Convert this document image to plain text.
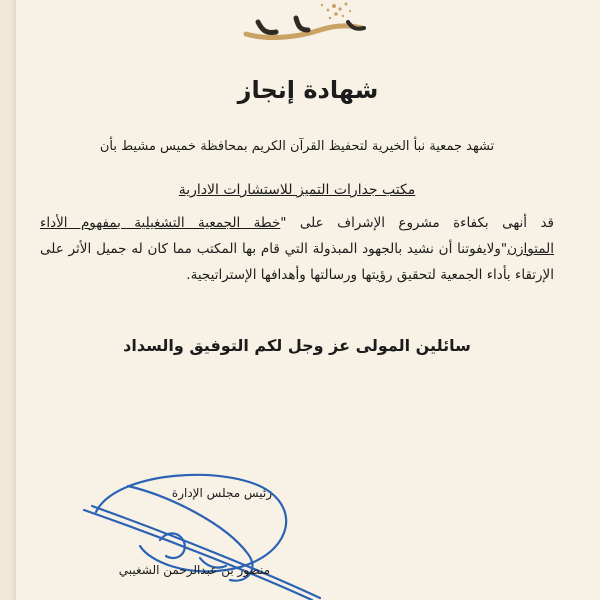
شهادة إنجاز

تشهد جمعية نبأ الخيرية لتحفيظ القرآن الكريم بمحافظة خميس مشيط بأن

مكتب جدارات التميز للاستشارات الادارية

قد أنهى بكفاءة مشروع الإشراف على "خطة الجمعية التشغيلية بمفهوم الأداء المتوازن"ولايفوتنا أن نشيد بالجهود المبذولة التي قام بها المكتب مما كان له جميل الأثر على الإرتقاء بأداء الجمعية لتحقيق رؤيتها ورسالتها وأهدافها الإستراتيجية.

سائلين المولى عز وجل لكم التوفيق والسداد

رئيس مجلس الإدارة

منصور بن عبدالرحمن الشغيبي
